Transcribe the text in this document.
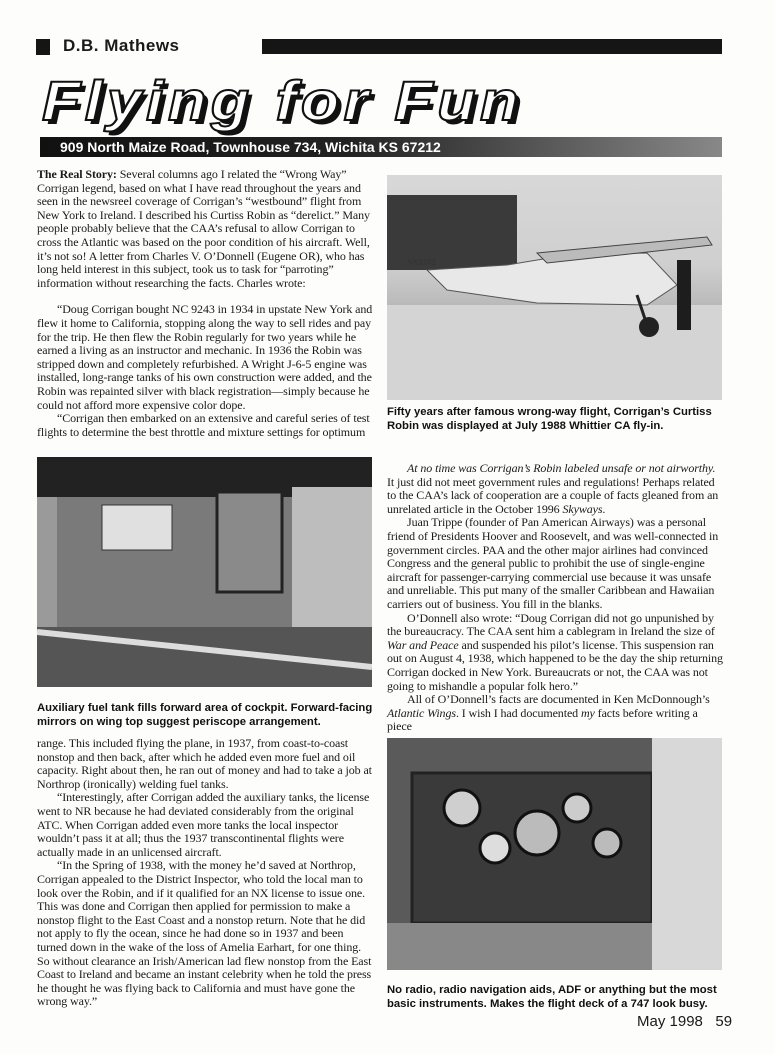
D.B. Mathews
Flying for Fun
909 North Maize Road, Townhouse 734, Wichita KS 67212

The Real Story: Several columns ago I related the “Wrong Way” Corrigan legend, based on what I have read throughout the years and seen in the newsreel coverage of Corrigan’s “westbound” flight from New York to Ireland. I described his Curtiss Robin as “derelict.” Many people probably believe that the CAA’s refusal to allow Corrigan to cross the Atlantic was based on the poor condition of his aircraft. Well, it’s not so! A letter from Charles V. O’Donnell (Eugene OR), who has long held interest in this subject, took us to task for “parroting” information without researching the facts. Charles wrote:

“Doug Corrigan bought NC 9243 in 1934 in upstate New York and flew it home to California, stopping along the way to sell rides and pay for the trip. He then flew the Robin regularly for two years while he earned a living as an instructor and mechanic. In 1936 the Robin was stripped down and completely refurbished. A Wright J-6-5 engine was installed, long-range tanks of his own construction were added, and the Robin was repainted silver with black registration—simply because he could not afford more expensive color dope.

“Corrigan then embarked on an extensive and careful series of test flights to determine the best throttle and mixture settings for optimum

NX9243
Fifty years after famous wrong-way flight, Corrigan’s Curtiss Robin was displayed at July 1988 Whittier CA fly-in.
Auxiliary fuel tank fills forward area of cockpit. Forward-facing mirrors on wing top suggest periscope arrangement.

range. This included flying the plane, in 1937, from coast-to-coast nonstop and then back, after which he added even more fuel and oil capacity. Right about then, he ran out of money and had to take a job at Northrop (ironically) welding fuel tanks.

“Interestingly, after Corrigan added the auxiliary tanks, the license went to NR because he had deviated considerably from the original ATC. When Corrigan added even more tanks the local inspector wouldn’t pass it at all; thus the 1937 transcontinental flights were actually made in an unlicensed aircraft.

“In the Spring of 1938, with the money he’d saved at Northrop, Corrigan appealed to the District Inspector, who told the local man to look over the Robin, and if it qualified for an NX license to issue one. This was done and Corrigan then applied for permission to make a nonstop flight to the East Coast and a nonstop return. Note that he did not apply to fly the ocean, since he had done so in 1937 and been turned down in the wake of the loss of Amelia Earhart, for one thing. So without clearance an Irish/American lad flew nonstop from the East Coast to Ireland and became an instant celebrity when he told the press he thought he was flying back to California and must have gone the wrong way.”

At no time was Corrigan’s Robin labeled unsafe or not airworthy. It just did not meet government rules and regulations! Perhaps related to the CAA’s lack of cooperation are a couple of facts gleaned from an unrelated article in the October 1996 Skyways.

Juan Trippe (founder of Pan American Airways) was a personal friend of Presidents Hoover and Roosevelt, and was well-connected in government circles. PAA and the other major airlines had convinced Congress and the general public to prohibit the use of single-engine aircraft for passenger-carrying commercial use because it was unsafe and unreliable. This put many of the smaller Caribbean and Hawaiian carriers out of business. You fill in the blanks.

O’Donnell also wrote: “Doug Corrigan did not go unpunished by the bureaucracy. The CAA sent him a cablegram in Ireland the size of War and Peace and suspended his pilot’s license. This suspension ran out on August 4, 1938, which happened to be the day the ship returning Corrigan docked in New York. Bureaucrats or not, the CAA was not going to mishandle a popular folk hero.”

All of O’Donnell’s facts are documented in Ken McDonnough’s Atlantic Wings. I wish I had documented my facts before writing a piece

No radio, radio navigation aids, ADF or anything but the most basic instruments. Makes the flight deck of a 747 look busy.
May 1998 59
